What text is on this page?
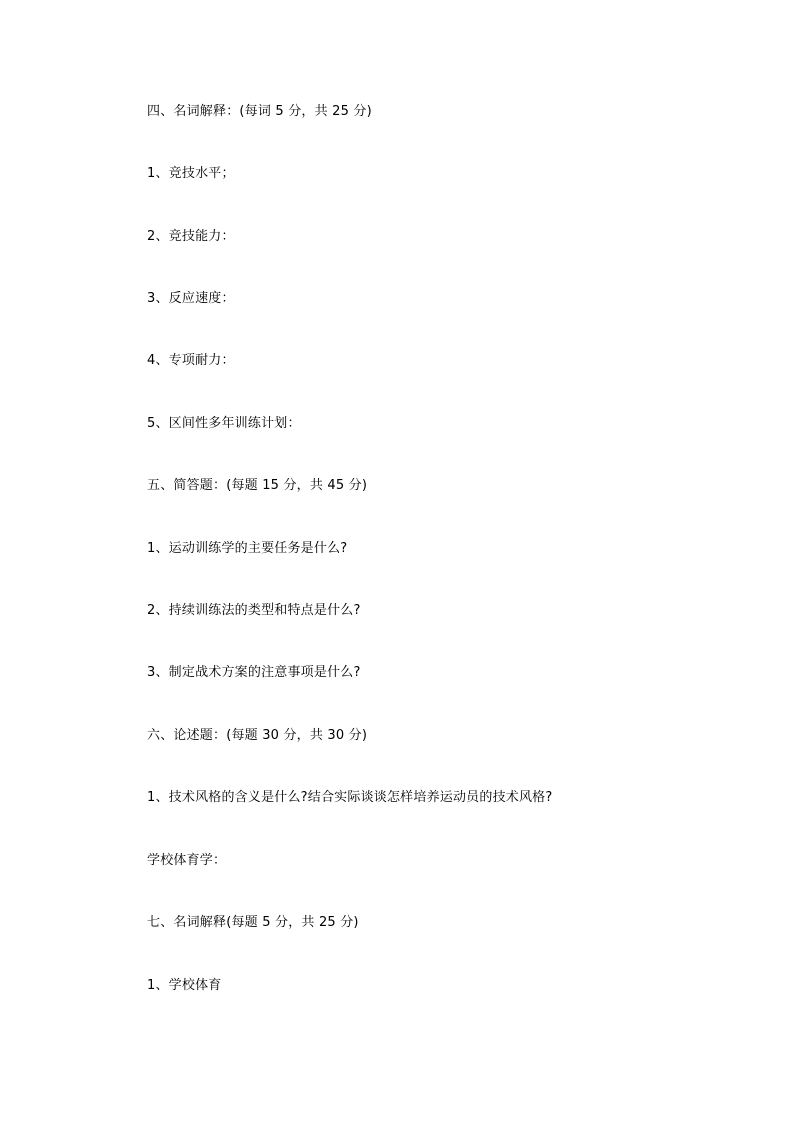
四、名词解释：(每词 5 分，共 25 分)
1、竞技水平；
2、竞技能力：
3、反应速度：
4、专项耐力：
5、区间性多年训练计划：
五、简答题：(每题 15 分，共 45 分)
1、运动训练学的主要任务是什么?
2、持续训练法的类型和特点是什么?
3、制定战术方案的注意事项是什么?
六、论述题：(每题 30 分，共 30 分)
1、技术风格的含义是什么?结合实际谈谈怎样培养运动员的技术风格?
学校体育学：
七、名词解释(每题 5 分，共 25 分)
1、学校体育
